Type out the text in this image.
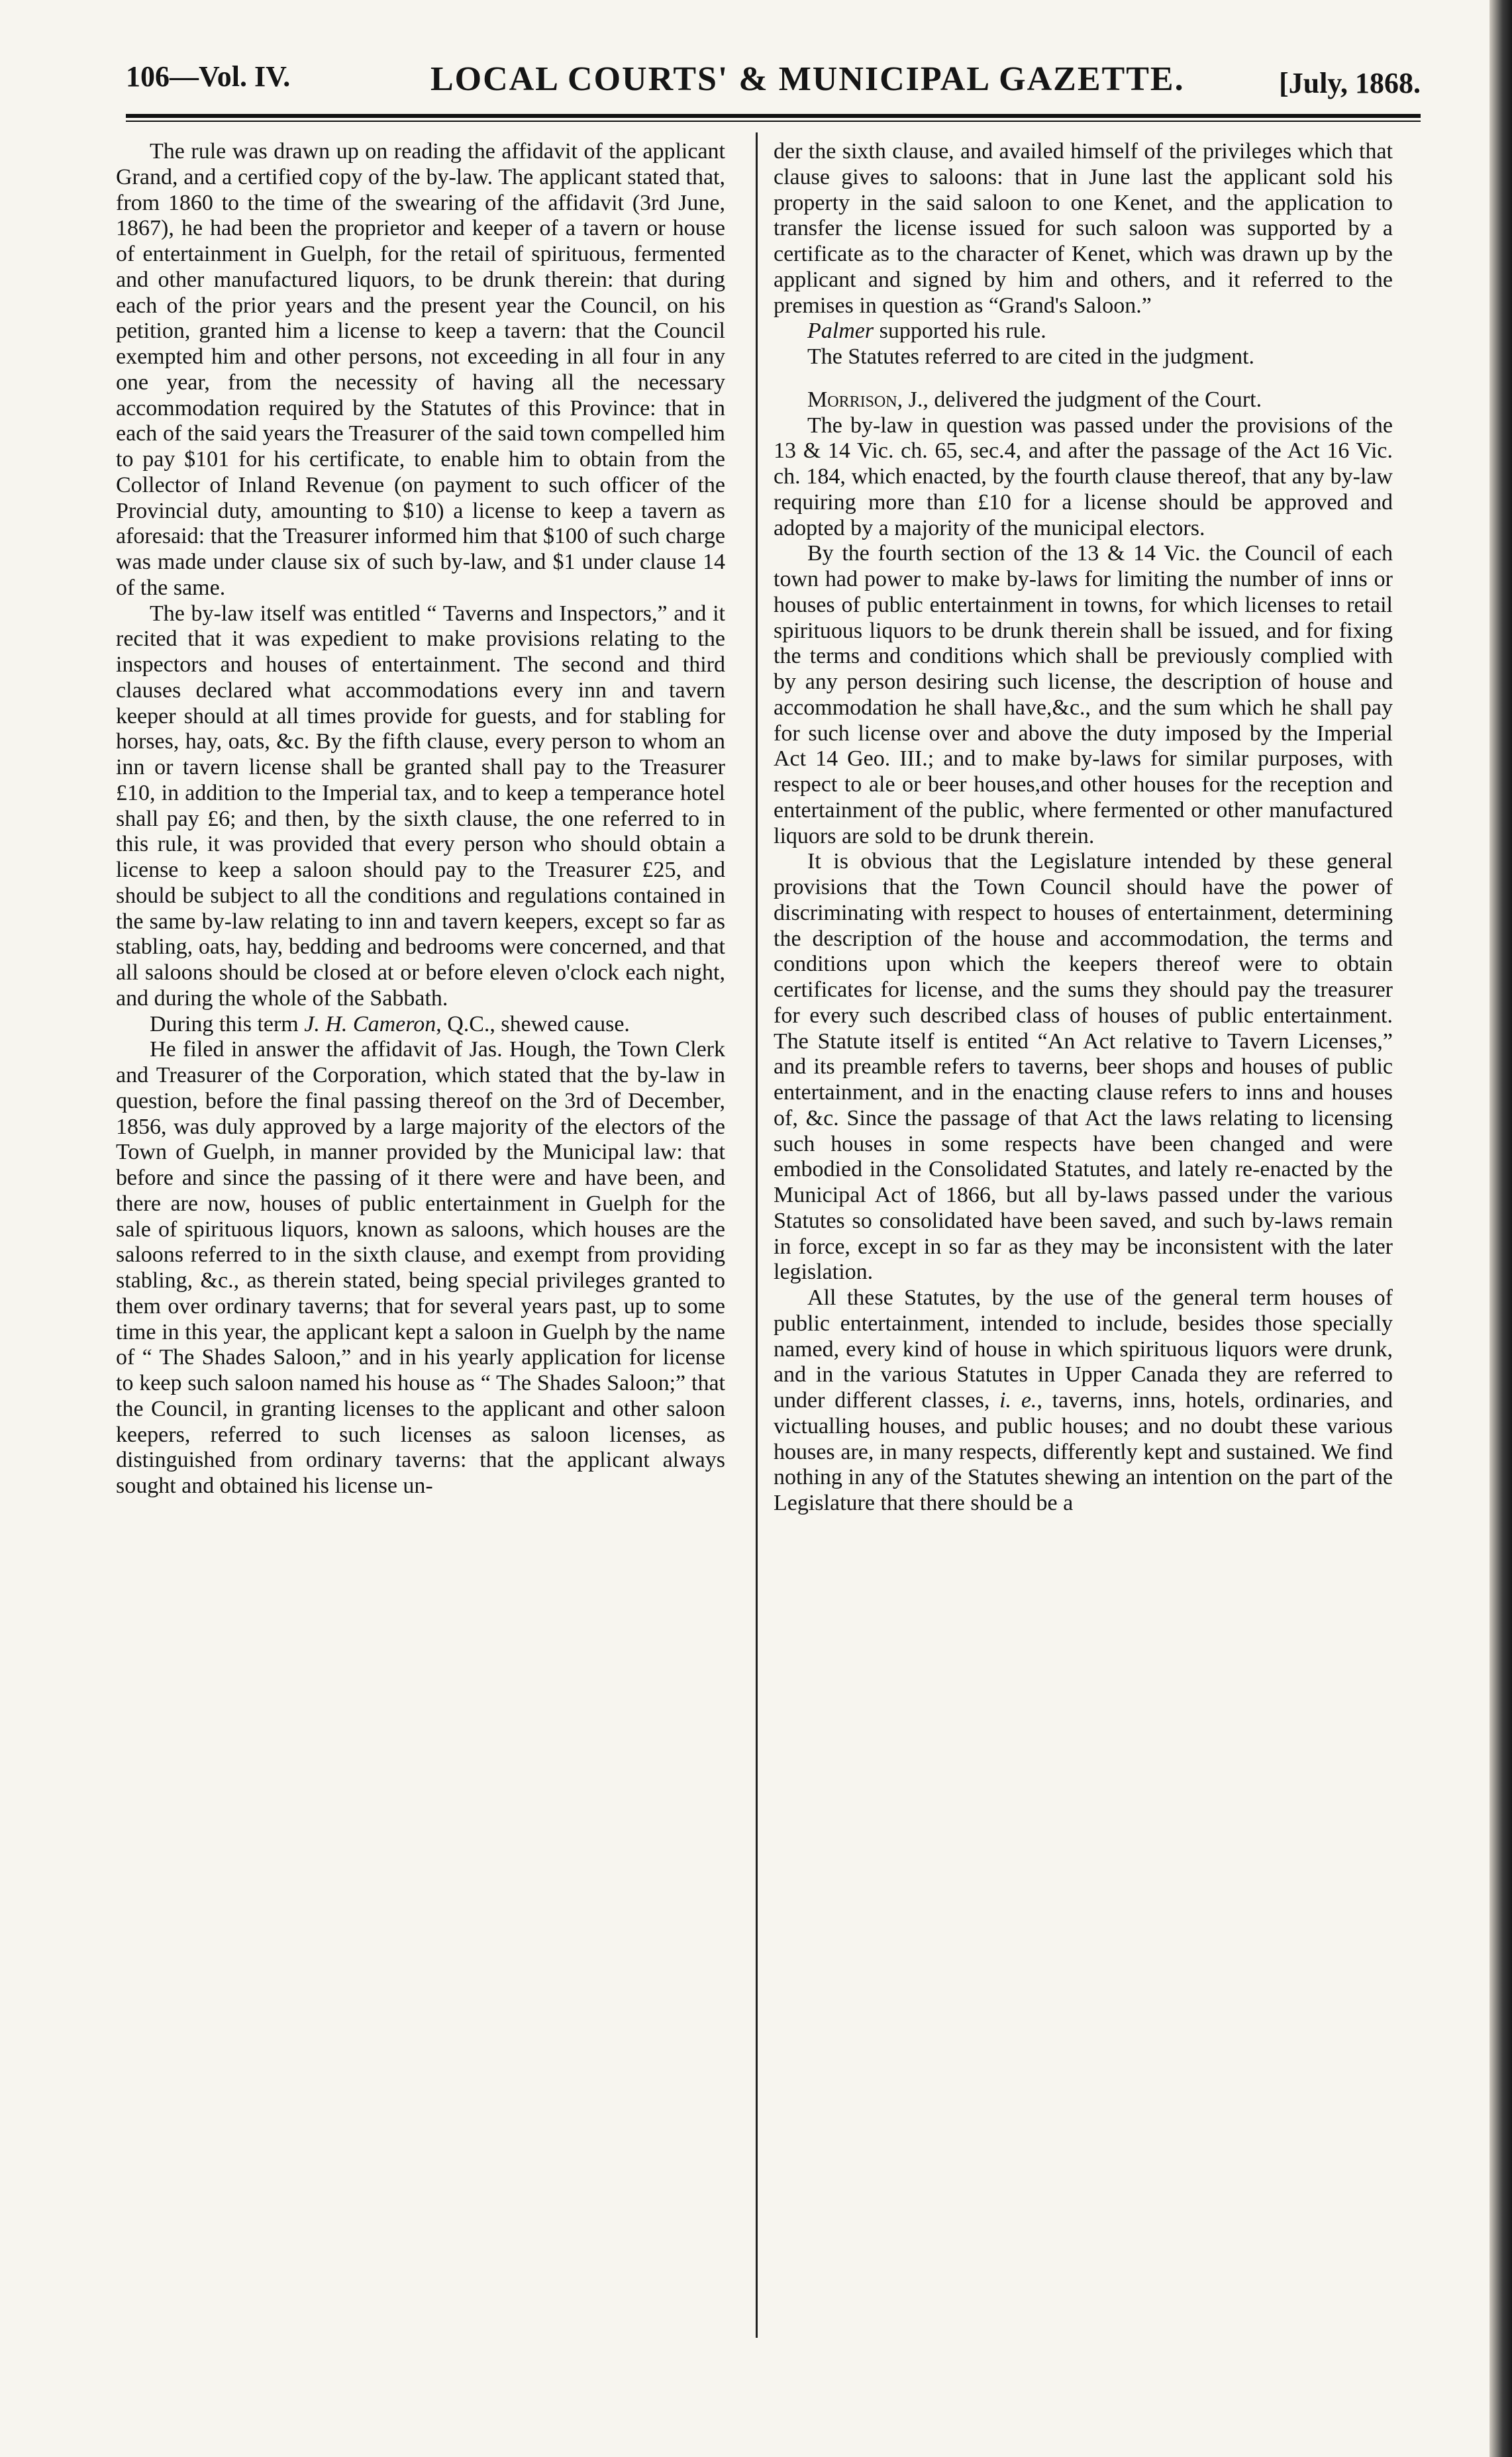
106—Vol. IV.	LOCAL COURTS' & MUNICIPAL GAZETTE.	[July, 1868.

The rule was drawn up on reading the affidavit of the applicant Grand, and a certified copy of the by-law. The applicant stated that, from 1860 to the time of the swearing of the affidavit (3rd June, 1867), he had been the proprietor and keeper of a tavern or house of entertainment in Guelph, for the retail of spirituous, fermented and other manufactured liquors, to be drunk therein: that during each of the prior years and the present year the Council, on his petition, granted him a license to keep a tavern: that the Council exempted him and other persons, not exceeding in all four in any one year, from the necessity of having all the necessary accommodation required by the Statutes of this Province: that in each of the said years the Treasurer of the said town compelled him to pay $101 for his certificate, to enable him to obtain from the Collector of Inland Revenue (on payment to such officer of the Provincial duty, amounting to $10) a license to keep a tavern as aforesaid: that the Treasurer informed him that $100 of such charge was made under clause six of such by-law, and $1 under clause 14 of the same.

The by-law itself was entitled “ Taverns and Inspectors,” and it recited that it was expedient to make provisions relating to the inspectors and houses of entertainment. The second and third clauses declared what accommodations every inn and tavern keeper should at all times provide for guests, and for stabling for horses, hay, oats, &c. By the fifth clause, every person to whom an inn or tavern license shall be granted shall pay to the Treasurer £10, in addition to the Imperial tax, and to keep a temperance hotel shall pay £6; and then, by the sixth clause, the one referred to in this rule, it was provided that every person who should obtain a license to keep a saloon should pay to the Treasurer £25, and should be subject to all the conditions and regulations contained in the same by-law relating to inn and tavern keepers, except so far as stabling, oats, hay, bedding and bedrooms were concerned, and that all saloons should be closed at or before eleven o'clock each night, and during the whole of the Sabbath.

During this term J. H. Cameron, Q.C., shewed cause.

He filed in answer the affidavit of Jas. Hough, the Town Clerk and Treasurer of the Corporation, which stated that the by-law in question, before the final passing thereof on the 3rd of December, 1856, was duly approved by a large majority of the electors of the Town of Guelph, in manner provided by the Municipal law: that before and since the passing of it there were and have been, and there are now, houses of public entertainment in Guelph for the sale of spirituous liquors, known as saloons, which houses are the saloons referred to in the sixth clause, and exempt from providing stabling, &c., as therein stated, being special privileges granted to them over ordinary taverns; that for several years past, up to some time in this year, the applicant kept a saloon in Guelph by the name of “ The Shades Saloon,” and in his yearly application for license to keep such saloon named his house as “ The Shades Saloon;” that the Council, in granting licenses to the applicant and other saloon keepers, referred to such licenses as saloon licenses, as distinguished from ordinary taverns: that the applicant always sought and obtained his license un-

der the sixth clause, and availed himself of the privileges which that clause gives to saloons: that in June last the applicant sold his property in the said saloon to one Kenet, and the application to transfer the license issued for such saloon was supported by a certificate as to the character of Kenet, which was drawn up by the applicant and signed by him and others, and it referred to the premises in question as “Grand's Saloon.”

Palmer supported his rule.

The Statutes referred to are cited in the judgment.

Morrison, J., delivered the judgment of the Court.

The by-law in question was passed under the provisions of the 13 & 14 Vic. ch. 65, sec.4, and after the passage of the Act 16 Vic. ch. 184, which enacted, by the fourth clause thereof, that any by-law requiring more than £10 for a license should be approved and adopted by a majority of the municipal electors.

By the fourth section of the 13 & 14 Vic. the Council of each town had power to make by-laws for limiting the number of inns or houses of public entertainment in towns, for which licenses to retail spirituous liquors to be drunk therein shall be issued, and for fixing the terms and conditions which shall be previously complied with by any person desiring such license, the description of house and accommodation he shall have,&c., and the sum which he shall pay for such license over and above the duty imposed by the Imperial Act 14 Geo. III.; and to make by-laws for similar purposes, with respect to ale or beer houses,and other houses for the reception and entertainment of the public, where fermented or other manufactured liquors are sold to be drunk therein.

It is obvious that the Legislature intended by these general provisions that the Town Council should have the power of discriminating with respect to houses of entertainment, determining the description of the house and accommodation, the terms and conditions upon which the keepers thereof were to obtain certificates for license, and the sums they should pay the treasurer for every such described class of houses of public entertainment. The Statute itself is entited “An Act relative to Tavern Licenses,” and its preamble refers to taverns, beer shops and houses of public entertainment, and in the enacting clause refers to inns and houses of, &c. Since the passage of that Act the laws relating to licensing such houses in some respects have been changed and were embodied in the Consolidated Statutes, and lately re-enacted by the Municipal Act of 1866, but all by-laws passed under the various Statutes so consolidated have been saved, and such by-laws remain in force, except in so far as they may be inconsistent with the later legislation.

All these Statutes, by the use of the general term houses of public entertainment, intended to include, besides those specially named, every kind of house in which spirituous liquors were drunk, and in the various Statutes in Upper Canada they are referred to under different classes, i. e., taverns, inns, hotels, ordinaries, and victualling houses, and public houses; and no doubt these various houses are, in many respects, differently kept and sustained. We find nothing in any of the Statutes shewing an intention on the part of the Legislature that there should be a
